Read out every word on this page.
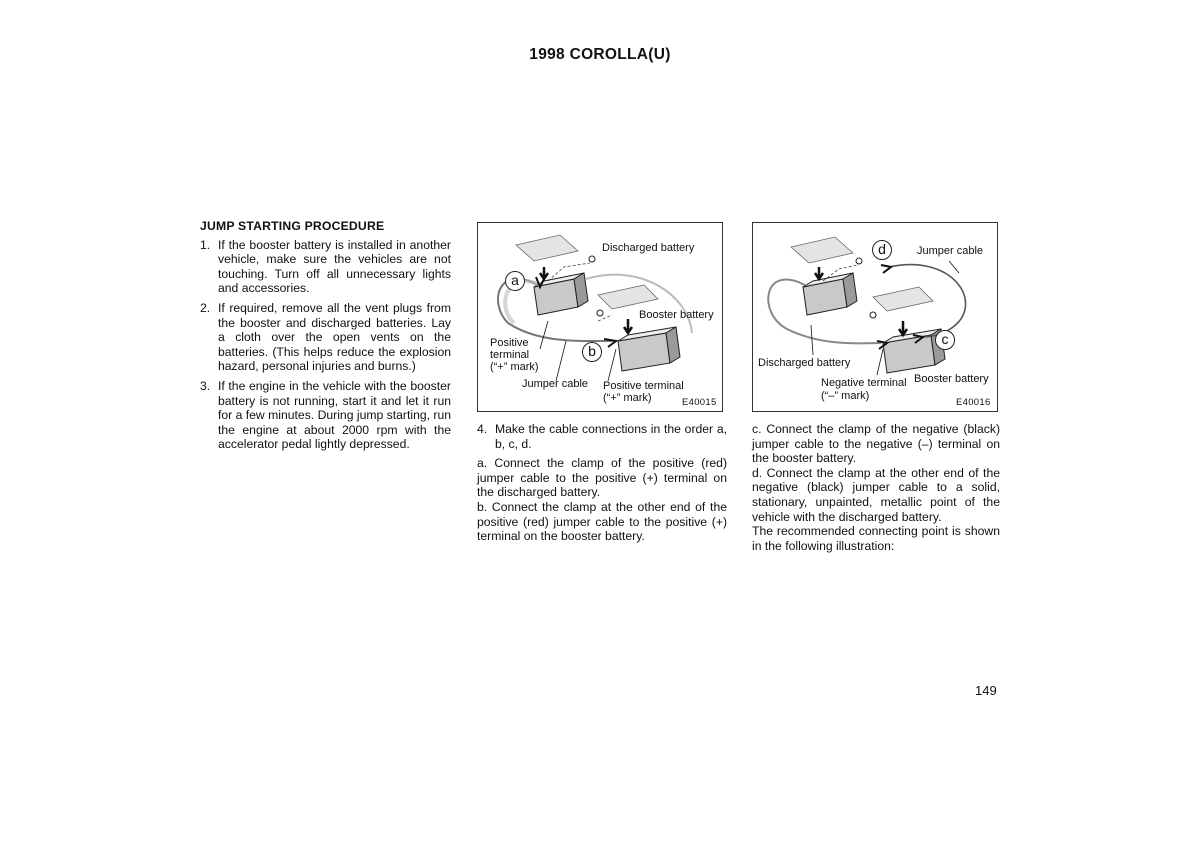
1998 COROLLA(U)
JUMP STARTING PROCEDURE
1. If the booster battery is installed in another vehicle, make sure the vehicles are not touching. Turn off all unnecessary lights and accessories.
2. If required, remove all the vent plugs from the booster and discharged batteries. Lay a cloth over the open vents on the batteries. (This helps reduce the explosion hazard, personal injuries and burns.)
3. If the engine in the vehicle with the booster battery is not running, start it and let it run for a few minutes. During jump starting, run the engine at about 2000 rpm with the accelerator pedal lightly depressed.
a
b
Discharged battery
Booster battery
Positive
terminal
(“+” mark)
Jumper cable Positive terminal
(“+” mark)	E40015
d
c
Jumper cable
Discharged battery
Negative terminal
(“–” mark)
Booster battery
E40016
4. Make the cable connections in the order a, b, c, d.

a. Connect the clamp of the positive (red) jumper cable to the positive (+) terminal on the discharged battery.

b. Connect the clamp at the other end of the positive (red) jumper cable to the positive (+) terminal on the booster battery.

c. Connect the clamp of the negative (black) jumper cable to the negative (–) terminal on the booster battery.

d. Connect the clamp at the other end of the negative (black) jumper cable to a solid, stationary, unpainted, metallic point of the vehicle with the discharged battery.

The recommended connecting point is shown in the following illustration:

149
